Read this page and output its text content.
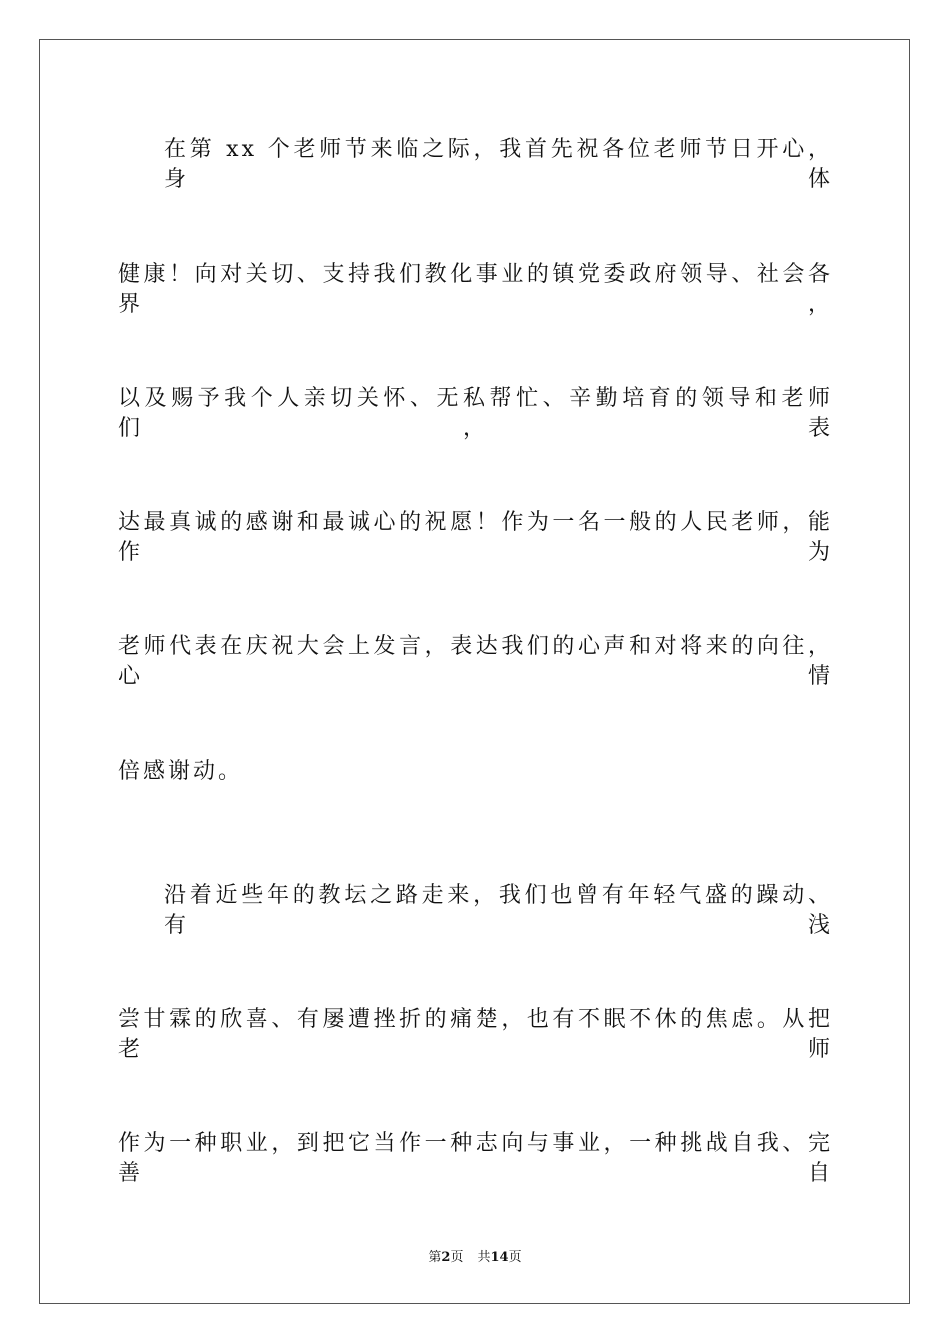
在第 xx 个老师节来临之际，我首先祝各位老师节日开心，身体
健康！向对关切、支持我们教化事业的镇党委政府领导、社会各界，
以及赐予我个人亲切关怀、无私帮忙、辛勤培育的领导和老师们，表
达最真诚的感谢和最诚心的祝愿！作为一名一般的人民老师，能作为
老师代表在庆祝大会上发言，表达我们的心声和对将来的向往，心情
倍感谢动。
沿着近些年的教坛之路走来，我们也曾有年轻气盛的躁动、有浅
尝甘霖的欣喜、有屡遭挫折的痛楚，也有不眠不休的焦虑。从把老师
作为一种职业，到把它当作一种志向与事业，一种挑战自我、完善自
第2页 共14页
